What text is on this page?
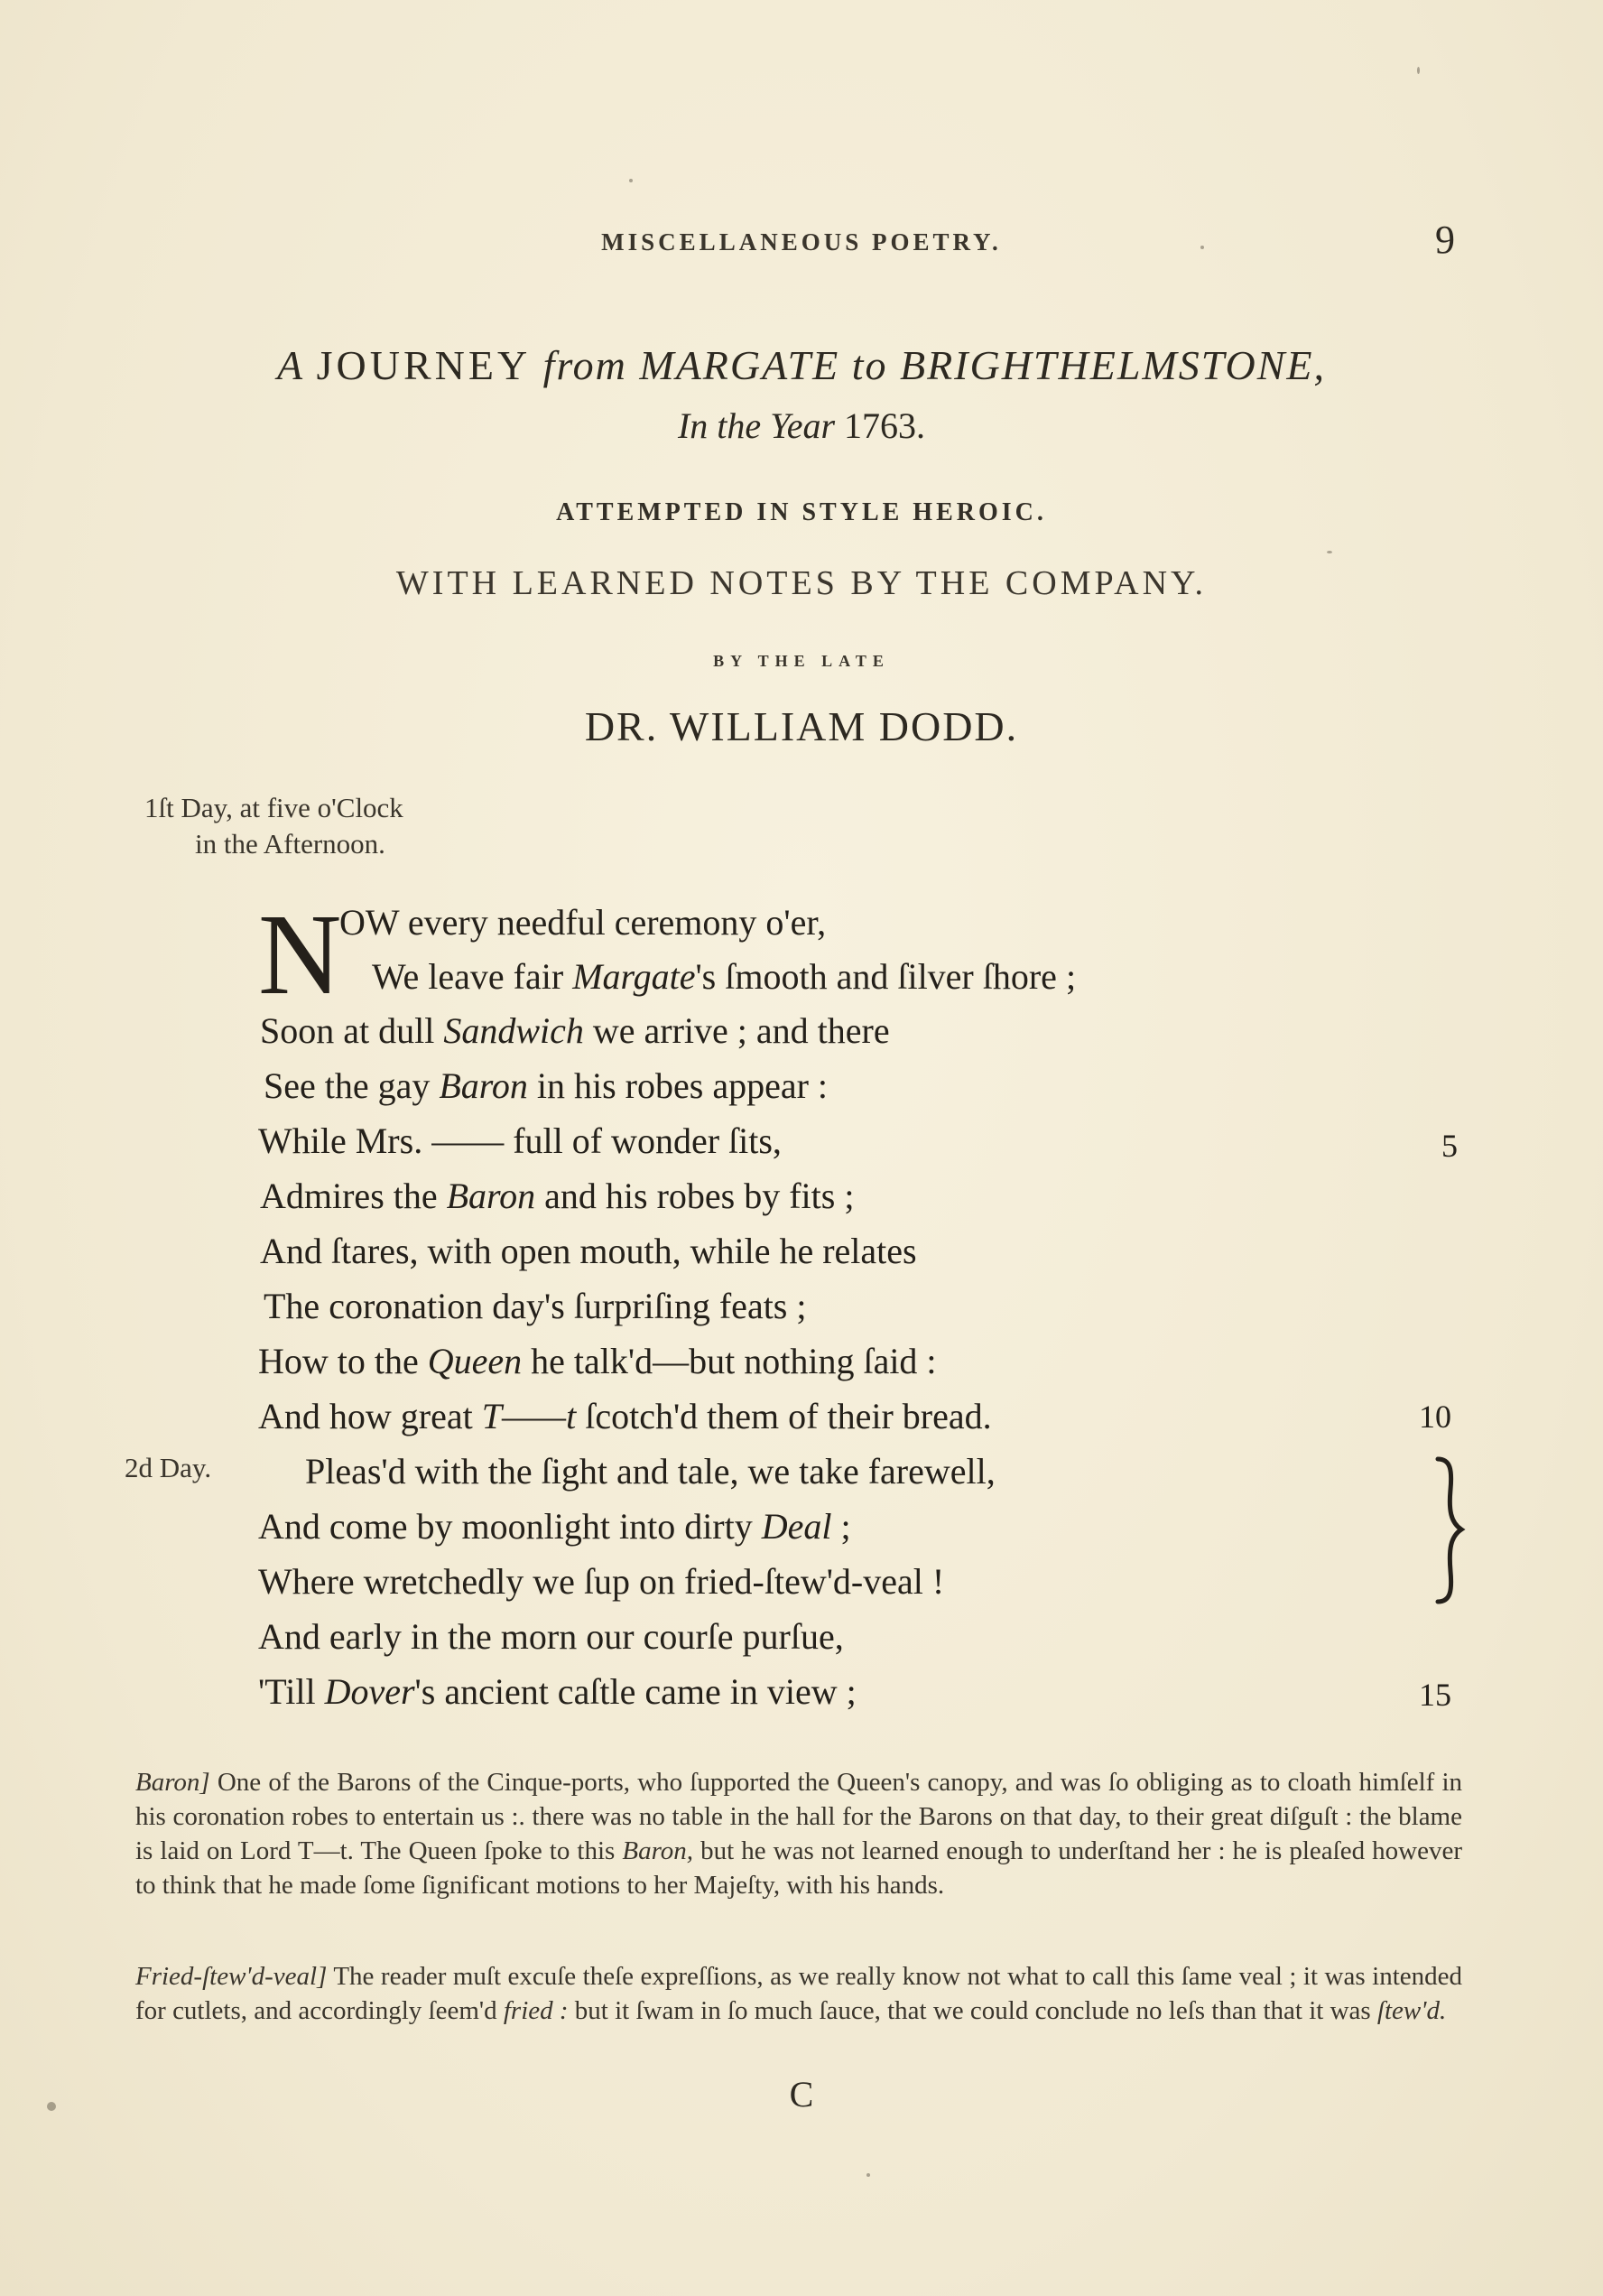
MISCELLANEOUS POETRY.	9
A JOURNEY from MARGATE to BRIGHTHELMSTONE,
In the Year 1763.
ATTEMPTED IN STYLE HEROIC.
WITH LEARNED NOTES BY THE COMPANY.
BY THE LATE
DR. WILLIAM DODD.
1ſt Day, at five o'Clock
in the Afternoon.
2d Day.
N
OW every needful ceremony o'er,
We leave fair Margate's ſmooth and ſilver ſhore ;
Soon at dull Sandwich we arrive ; and there
See the gay Baron in his robes appear :
While Mrs. —— full of wonder ſits,
Admires the Baron and his robes by fits ;
And ſtares, with open mouth, while he relates
The coronation day's ſurpriſing feats ;
How to the Queen he talk'd—but nothing ſaid :
And how great T——t ſcotch'd them of their bread.
Pleas'd with the ſight and tale, we take farewell,
And come by moonlight into dirty Deal ;
Where wretchedly we ſup on fried-ſtew'd-veal !
And early in the morn our courſe purſue,
'Till Dover's ancient caſtle came in view ;
5
10
15
Baron] One of the Barons of the Cinque-ports, who ſupported the Queen's canopy, and was ſo obliging as to cloath himſelf in his coronation robes to entertain us :. there was no table in the hall for the Barons on that day, to their great diſguſt : the blame is laid on Lord T—t. The Queen ſpoke to this Baron, but he was not learned enough to underſtand her : he is pleaſed however to think that he made ſome ſignificant motions to her Majeſty, with his hands.
Fried-ſtew'd-veal] The reader muſt excuſe theſe expreſſions, as we really know not what to call this ſame veal ; it was intended for cutlets, and accordingly ſeem'd fried : but it ſwam in ſo much ſauce, that we could conclude no leſs than that it was ſtew'd.
C
